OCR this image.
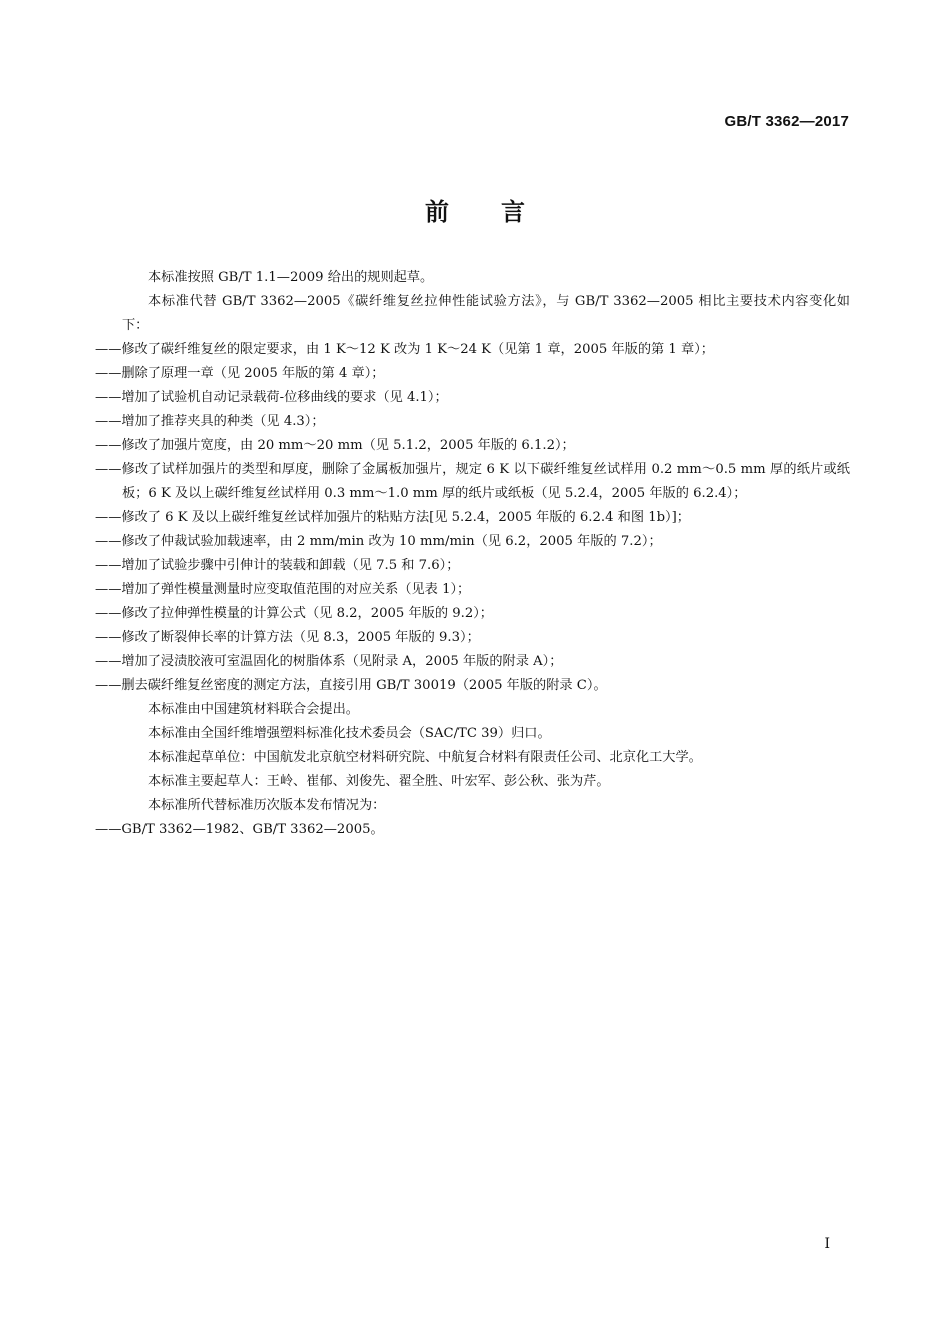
GB/T 3362—2017
前言

本标准按照 GB/T 1.1—2009 给出的规则起草。

本标准代替 GB/T 3362—2005《碳纤维复丝拉伸性能试验方法》，与 GB/T 3362—2005 相比主要技术内容变化如下：

——修改了碳纤维复丝的限定要求，由 1 K～12 K 改为 1 K～24 K（见第 1 章，2005 年版的第 1 章）；

——删除了原理一章（见 2005 年版的第 4 章）；

——增加了试验机自动记录载荷-位移曲线的要求（见 4.1）；

——增加了推荐夹具的种类（见 4.3）；

——修改了加强片宽度，由 20 mm～20 mm（见 5.1.2，2005 年版的 6.1.2）；

——修改了试样加强片的类型和厚度，删除了金属板加强片，规定 6 K 以下碳纤维复丝试样用 0.2 mm～0.5 mm 厚的纸片或纸板；6 K 及以上碳纤维复丝试样用 0.3 mm～1.0 mm 厚的纸片或纸板（见 5.2.4，2005 年版的 6.2.4）；

——修改了 6 K 及以上碳纤维复丝试样加强片的粘贴方法[见 5.2.4，2005 年版的 6.2.4 和图 1b）]；

——修改了仲裁试验加载速率，由 2 mm/min 改为 10 mm/min（见 6.2，2005 年版的 7.2）；

——增加了试验步骤中引伸计的装载和卸载（见 7.5 和 7.6）；

——增加了弹性模量测量时应变取值范围的对应关系（见表 1）；

——修改了拉伸弹性模量的计算公式（见 8.2，2005 年版的 9.2）；

——修改了断裂伸长率的计算方法（见 8.3，2005 年版的 9.3）；

——增加了浸渍胶液可室温固化的树脂体系（见附录 A，2005 年版的附录 A）；

——删去碳纤维复丝密度的测定方法，直接引用 GB/T 30019（2005 年版的附录 C）。

本标准由中国建筑材料联合会提出。

本标准由全国纤维增强塑料标准化技术委员会（SAC/TC 39）归口。

本标准起草单位：中国航发北京航空材料研究院、中航复合材料有限责任公司、北京化工大学。

本标准主要起草人：王岭、崔郁、刘俊先、翟全胜、叶宏军、彭公秋、张为芹。

本标准所代替标准历次版本发布情况为：

——GB/T 3362—1982、GB/T 3362—2005。

I
